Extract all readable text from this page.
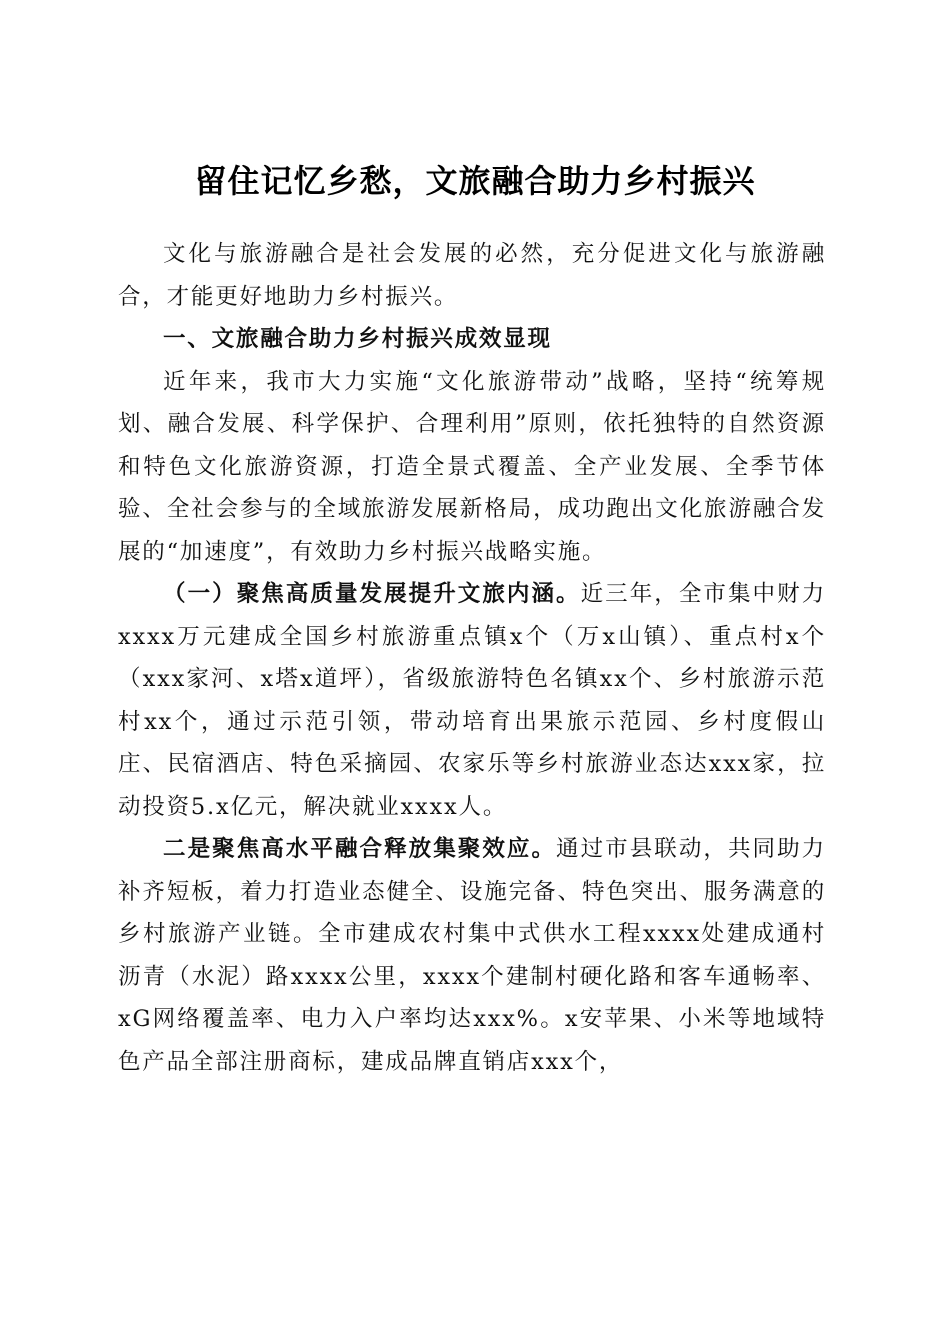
留住记忆乡愁，文旅融合助力乡村振兴

文化与旅游融合是社会发展的必然，充分促进文化与旅游融合，才能更好地助力乡村振兴。

一、文旅融合助力乡村振兴成效显现

近年来，我市大力实施“文化旅游带动”战略，坚持“统筹规划、融合发展、科学保护、合理利用”原则，依托独特的自然资源和特色文化旅游资源，打造全景式覆盖、全产业发展、全季节体验、全社会参与的全域旅游发展新格局，成功跑出文化旅游融合发展的“加速度”，有效助力乡村振兴战略实施。

（一）聚焦高质量发展提升文旅内涵。近三年，全市集中财力xxxx万元建成全国乡村旅游重点镇x个（万x山镇）、重点村x个（xxx家河、x塔x道坪），省级旅游特色名镇xx个、乡村旅游示范村xx个，通过示范引领，带动培育出果旅示范园、乡村度假山庄、民宿酒店、特色采摘园、农家乐等乡村旅游业态达xxx家，拉动投资5.x亿元，解决就业xxxx人。

二是聚焦高水平融合释放集聚效应。通过市县联动，共同助力补齐短板，着力打造业态健全、设施完备、特色突出、服务满意的乡村旅游产业链。全市建成农村集中式供水工程xxxx处建成通村沥青（水泥）路xxxx公里，xxxx个建制村硬化路和客车通畅率、xG网络覆盖率、电力入户率均达xxx%。x安苹果、小米等地域特色产品全部注册商标，建成品牌直销店xxx个，
